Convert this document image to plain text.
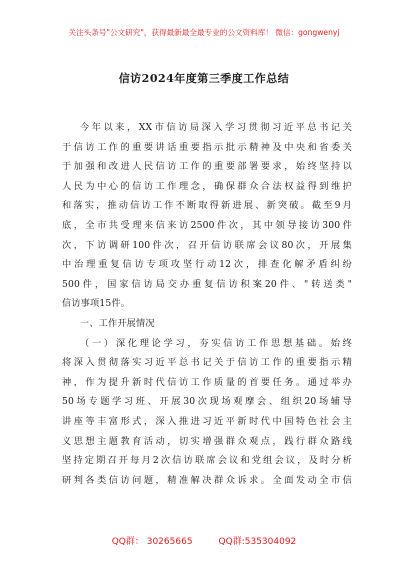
关注头条号"公文研究"，获得最新最全最专业的公文资料库！ 微信：gongwenyj
信访2024年度第三季度工作总结
今年以来，XX市信访局深入学习贯彻习近平总书记关
于信访工作的重要讲话重要指示批示精神及中央和省委关
于加强和改进人民信访工作的重要部署要求，始终坚持以
人民为中心的信访工作理念，确保群众合法权益得到维护
和落实，推动信访工作不断取得新进展、新突破。截至9月
底，全市共受理来信来访2500件次，其中领导接访300件
次，下访调研100件次，召开信访联席会议80次，开展集
中治理重复信访专项攻坚行动12次，排查化解矛盾纠纷
500件，国家信访局交办重复信访积案20件、"转送类"
信访事项15件。
一、工作开展情况
（一）深化理论学习，夯实信访工作思想基础。始终
将深入贯彻落实习近平总书记关于信访工作的重要指示精
神，作为提升新时代信访工作质量的首要任务。通过举办
50场专题学习班、开展30次现场观摩会、组织20场辅导
讲座等丰富形式，深入推进习近平新时代中国特色社会主
义思想主题教育活动，切实增强群众观点，践行群众路线
坚持定期召开每月2次信访联席会议和党组会议，及时分析
研判各类信访问题，精准解决群众诉求。全面发动全市信
QQ群： 30265665	QQ群:535304092
